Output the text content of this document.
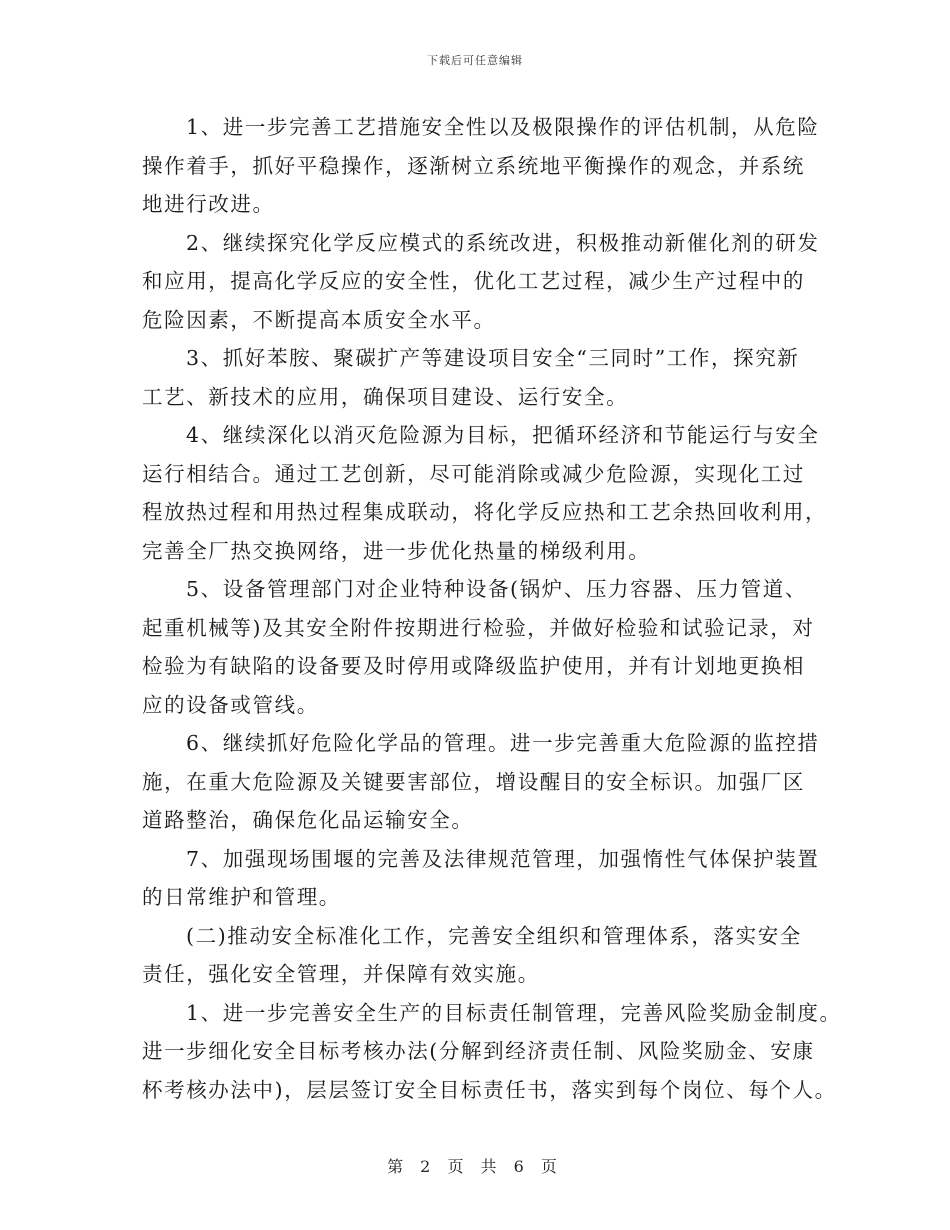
下载后可任意编辑

1、进一步完善工艺措施安全性以及极限操作的评估机制，从危险
操作着手，抓好平稳操作，逐渐树立系统地平衡操作的观念，并系统
地进行改进。

2、继续探究化学反应模式的系统改进，积极推动新催化剂的研发
和应用，提高化学反应的安全性，优化工艺过程，减少生产过程中的
危险因素，不断提高本质安全水平。

3、抓好苯胺、聚碳扩产等建设项目安全“三同时”工作，探究新
工艺、新技术的应用，确保项目建设、运行安全。

4、继续深化以消灭危险源为目标，把循环经济和节能运行与安全
运行相结合。通过工艺创新，尽可能消除或减少危险源，实现化工过
程放热过程和用热过程集成联动，将化学反应热和工艺余热回收利用，
完善全厂热交换网络，进一步优化热量的梯级利用。

5、设备管理部门对企业特种设备(锅炉、压力容器、压力管道、
起重机械等)及其安全附件按期进行检验，并做好检验和试验记录，对
检验为有缺陷的设备要及时停用或降级监护使用，并有计划地更换相
应的设备或管线。

6、继续抓好危险化学品的管理。进一步完善重大危险源的监控措
施，在重大危险源及关键要害部位，增设醒目的安全标识。加强厂区
道路整治，确保危化品运输安全。

7、加强现场围堰的完善及法律规范管理，加强惰性气体保护装置
的日常维护和管理。

(二)推动安全标准化工作，完善安全组织和管理体系，落实安全
责任，强化安全管理，并保障有效实施。

1、进一步完善安全生产的目标责任制管理，完善风险奖励金制度。
进一步细化安全目标考核办法(分解到经济责任制、风险奖励金、安康
杯考核办法中)，层层签订安全目标责任书，落实到每个岗位、每个人。

第 2 页 共 6 页
